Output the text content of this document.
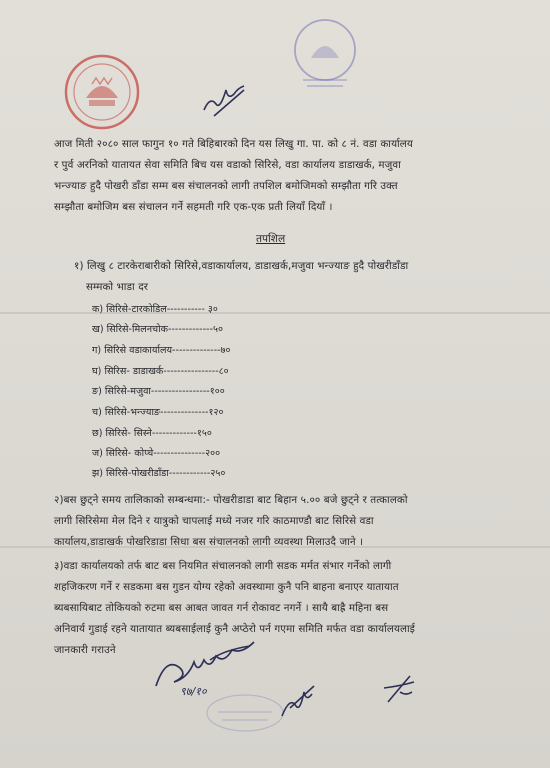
आज मिती २०८० साल फागुन १० गते बिहिबारको दिन यस लिखु गा. पा. को ८ नं. वडा कार्यालय
र पुर्व अरनिको यातायत सेवा समिति बिच यस वडाको सिरिसे, वडा कार्यालय डाडाखर्क, मजुवा
भन्ज्याङ हुदै पोखरी डाँडा सम्म बस संचालनको लागी तपशिल बमोजिमको सम्झौता गरि उक्त
सम्झौता बमोजिम बस संचालन गर्ने सहमती गरि एक-एक प्रती लियाँ दियाँ ।
तपशिल
१) लिखु ८ टारकेराबारीको सिरिसे,वडाकार्यालय, डाडाखर्क,मजुवा भन्ज्याङ हुदै पोखरीडाँडा
सम्मको भाडा दर
क) सिरिसे-टारकोडिल----------- ३०
ख) सिरिसे-मिलनचोक-------------५०
ग) सिरिसे वडाकार्यालय--------------७०
घ) सिरिस- डाडाखर्क----------------८०
ङ) सिरिसे-मजुवा-----------------१००
च) सिरिसे-भन्ज्याङ--------------१२०
छ) सिरिसे- सिस्ने-------------१५०
ज) सिरिसे- कोप्चे---------------२००
झ) सिरिसे-पोखरीडाँडा------------२५०
२)बस छुट्ने समय तालिकाको सम्बन्धमा:- पोखरीडाडा बाट बिहान ५.०० बजे छुट्ने र तत्कालको
लागी सिरिसेमा मेल दिने र यात्रुको चापलाई मध्ये नजर गरि काठमाण्डौ बाट सिरिसे वडा
कार्यालय,डाडाखर्क पोखरिडाडा सिधा बस संचालनको लागी व्यवस्था मिलाउदै जाने ।
३)वडा कार्यालयको तर्फ बाट बस नियमित संचालनको लागी सडक मर्मत संभार गर्नेको लागी
शहजिकरण गर्ने र सडकमा बस गुडन योग्य रहेको अवस्थामा कुनै पनि बाहना बनाएर यातायात
ब्यबसायिबाट तोकियको रुटमा बस आबत जावत गर्न रोकावट नगर्ने । सायै बाह्रै महिना बस
अनिवार्य गुडाई रहने यातायात ब्यबसाईलाई कुनै अप्ठेरो पर्न गएमा समिति मर्फत वडा कार्यालयलाई
जानकारी गराउने
९७/१०
